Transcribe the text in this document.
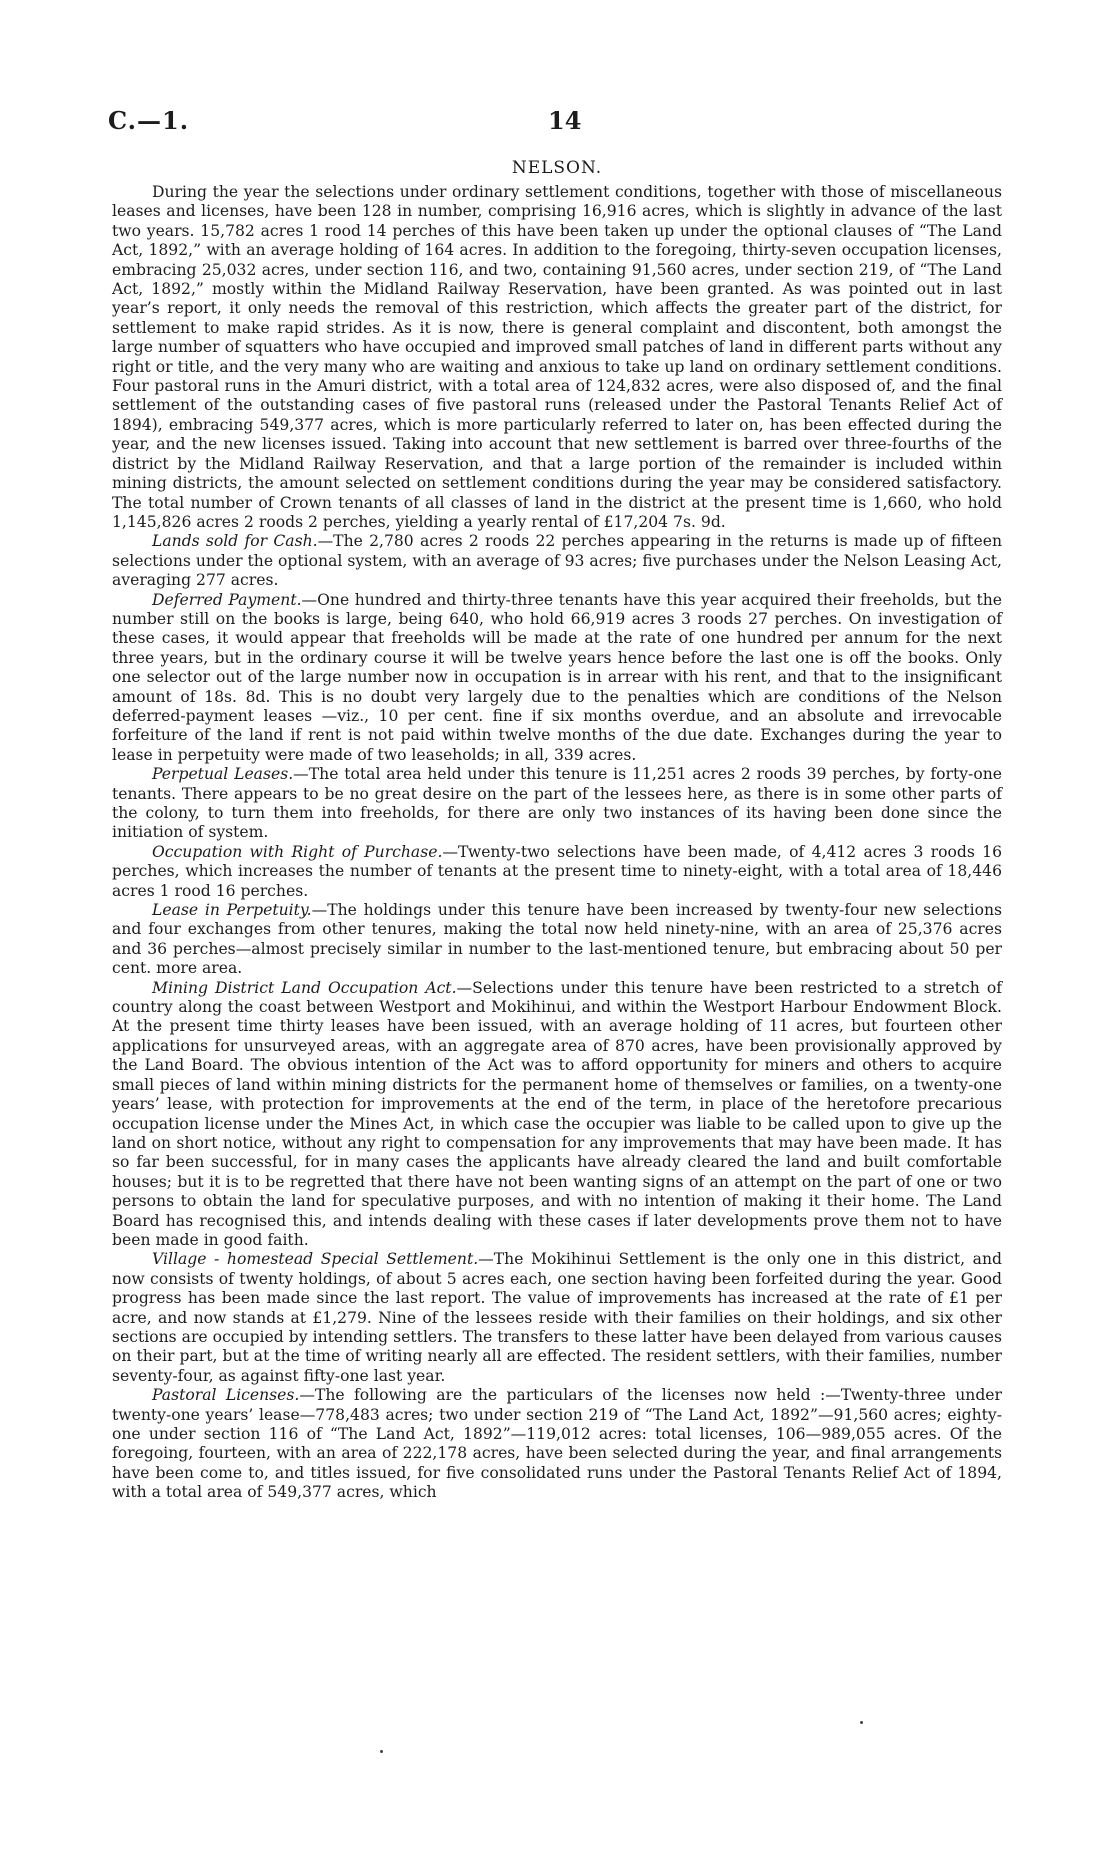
C.—1.	14
NELSON.

During the year the selections under ordinary settlement conditions, together with those of miscellaneous leases and licenses, have been 128 in number, comprising 16,916 acres, which is slightly in advance of the last two years. 15,782 acres 1 rood 14 perches of this have been taken up under the optional clauses of “The Land Act, 1892,” with an average holding of 164 acres. In addition to the foregoing, thirty-seven occupation licenses, embracing 25,032 acres, under section 116, and two, containing 91,560 acres, under section 219, of “The Land Act, 1892,” mostly within the Midland Railway Reservation, have been granted. As was pointed out in last year’s report, it only needs the removal of this restriction, which affects the greater part of the district, for settlement to make rapid strides. As it is now, there is general complaint and discontent, both amongst the large number of squatters who have occupied and improved small patches of land in different parts without any right or title, and the very many who are waiting and anxious to take up land on ordinary settlement conditions. Four pastoral runs in the Amuri district, with a total area of 124,832 acres, were also disposed of, and the final settlement of the outstanding cases of five pastoral runs (released under the Pastoral Tenants Relief Act of 1894), embracing 549,377 acres, which is more particularly referred to later on, has been effected during the year, and the new licenses issued. Taking into account that new settlement is barred over three-fourths of the district by the Midland Railway Reservation, and that a large portion of the remainder is included within mining districts, the amount selected on settlement conditions during the year may be considered satisfactory. The total number of Crown tenants of all classes of land in the district at the present time is 1,660, who hold 1,145,826 acres 2 roods 2 perches, yielding a yearly rental of £17,204 7s. 9d.

Lands sold for Cash.—The 2,780 acres 2 roods 22 perches appearing in the returns is made up of fifteen selections under the optional system, with an average of 93 acres; five purchases under the Nelson Leasing Act, averaging 277 acres.

Deferred Payment.—One hundred and thirty-three tenants have this year acquired their freeholds, but the number still on the books is large, being 640, who hold 66,919 acres 3 roods 27 perches. On investigation of these cases, it would appear that freeholds will be made at the rate of one hundred per annum for the next three years, but in the ordinary course it will be twelve years hence before the last one is off the books. Only one selector out of the large number now in occupation is in arrear with his rent, and that to the insignificant amount of 18s. 8d. This is no doubt very largely due to the penalties which are conditions of the Nelson deferred-payment leases —viz., 10 per cent. fine if six months overdue, and an absolute and irrevocable forfeiture of the land if rent is not paid within twelve months of the due date. Exchanges during the year to lease in perpetuity were made of two leaseholds; in all, 339 acres.

Perpetual Leases.—The total area held under this tenure is 11,251 acres 2 roods 39 perches, by forty-one tenants. There appears to be no great desire on the part of the lessees here, as there is in some other parts of the colony, to turn them into freeholds, for there are only two instances of its having been done since the initiation of system.

Occupation with Right of Purchase.—Twenty-two selections have been made, of 4,412 acres 3 roods 16 perches, which increases the number of tenants at the present time to ninety-eight, with a total area of 18,446 acres 1 rood 16 perches.

Lease in Perpetuity.—The holdings under this tenure have been increased by twenty-four new selections and four exchanges from other tenures, making the total now held ninety-nine, with an area of 25,376 acres and 36 perches—almost precisely similar in number to the last-mentioned tenure, but embracing about 50 per cent. more area.

Mining District Land Occupation Act.—Selections under this tenure have been restricted to a stretch of country along the coast between Westport and Mokihinui, and within the Westport Harbour Endowment Block. At the present time thirty leases have been issued, with an average holding of 11 acres, but fourteen other applications for unsurveyed areas, with an aggregate area of 870 acres, have been provisionally approved by the Land Board. The obvious intention of the Act was to afford opportunity for miners and others to acquire small pieces of land within mining districts for the permanent home of themselves or families, on a twenty-one years’ lease, with protection for improvements at the end of the term, in place of the heretofore precarious occupation license under the Mines Act, in which case the occupier was liable to be called upon to give up the land on short notice, without any right to compensation for any improvements that may have been made. It has so far been successful, for in many cases the applicants have already cleared the land and built comfortable houses; but it is to be regretted that there have not been wanting signs of an attempt on the part of one or two persons to obtain the land for speculative purposes, and with no intention of making it their home. The Land Board has recognised this, and intends dealing with these cases if later developments prove them not to have been made in good faith.

Village - homestead Special Settlement.—The Mokihinui Settlement is the only one in this district, and now consists of twenty holdings, of about 5 acres each, one section having been forfeited during the year. Good progress has been made since the last report. The value of improvements has increased at the rate of £1 per acre, and now stands at £1,279. Nine of the lessees reside with their families on their holdings, and six other sections are occupied by intending settlers. The transfers to these latter have been delayed from various causes on their part, but at the time of writing nearly all are effected. The resident settlers, with their families, number seventy-four, as against fifty-one last year.

Pastoral Licenses.—The following are the particulars of the licenses now held :—Twenty-three under twenty-one years’ lease—778,483 acres; two under section 219 of “The Land Act, 1892”—91,560 acres; eighty-one under section 116 of “The Land Act, 1892”—119,012 acres: total licenses, 106—989,055 acres. Of the foregoing, fourteen, with an area of 222,178 acres, have been selected during the year, and final arrangements have been come to, and titles issued, for five consolidated runs under the Pastoral Tenants Relief Act of 1894, with a total area of 549,377 acres, which
